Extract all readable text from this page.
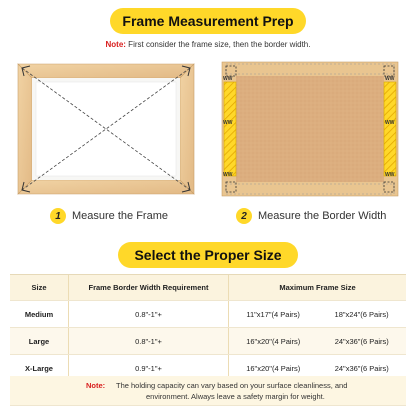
Frame Measurement Prep
Note: First consider the frame size, then the border width.
WW
WW
WW
WW
WW
WW
1	Measure the Frame	2	Measure the Border Width
Select the Proper Size
Size	Frame Border Width Requirement	Maximum Frame Size
Medium	0.8"-1"+	11"x17"(4 Pairs)	18"x24"(6 Pairs)
Large	0.8"-1"+	16"x20"(4 Pairs)	24"x36"(6 Pairs)
X-Large	0.9"-1"+	16"x20"(4 Pairs)	24"x36"(6 Pairs)
Note:	The holding capacity can vary based on your surface cleanliness, and
environment. Always leave a safety margin for weight.
